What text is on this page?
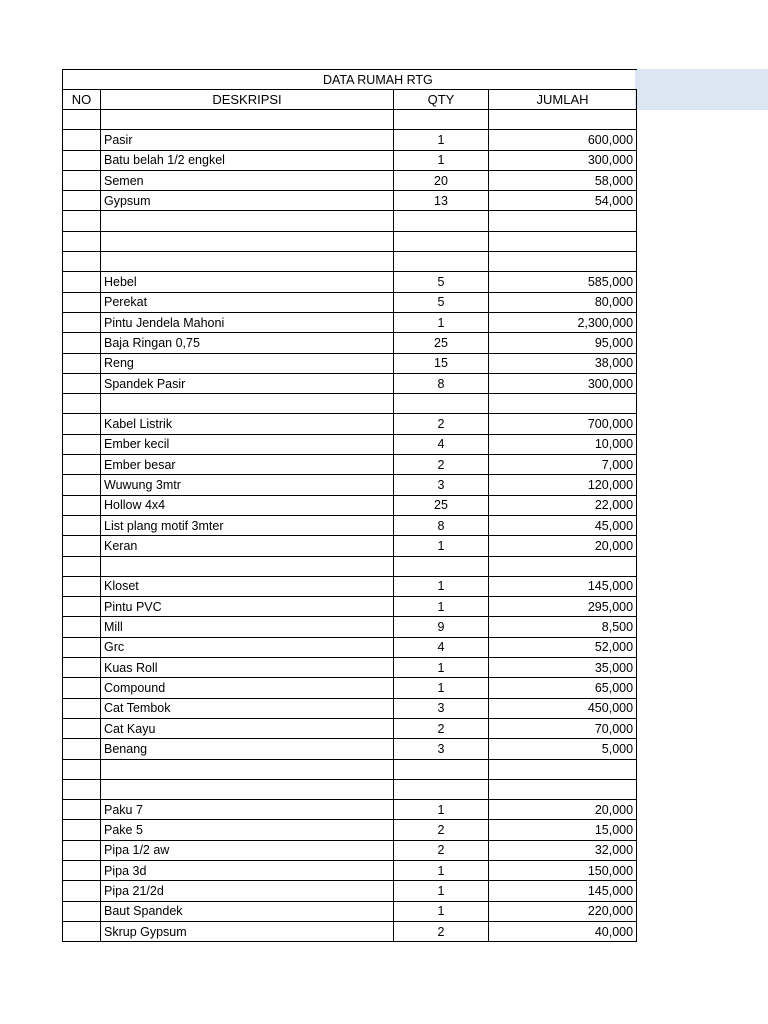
DATA RUMAH RTG			
NO	DESKRIPSI	QTY	JUMLAH

	Pasir	1	600,000
	Batu belah 1/2 engkel	1	300,000
	Semen	20	58,000
	Gypsum	13	54,000

	Hebel	5	585,000
	Perekat	5	80,000
	Pintu Jendela Mahoni	1	2,300,000
	Baja Ringan 0,75	25	95,000
	Reng	15	38,000
	Spandek Pasir	8	300,000

	Kabel Listrik	2	700,000
	Ember kecil	4	10,000
	Ember besar	2	7,000
	Wuwung 3mtr	3	120,000
	Hollow 4x4	25	22,000
	List plang motif 3mter	8	45,000
	Keran	1	20,000

	Kloset	1	145,000
	Pintu PVC	1	295,000
	Mill	9	8,500
	Grc	4	52,000
	Kuas Roll	1	35,000
	Compound	1	65,000
	Cat Tembok	3	450,000
	Cat Kayu	2	70,000
	Benang	3	5,000

	Paku 7	1	20,000
	Pake 5	2	15,000
	Pipa 1/2 aw	2	32,000
	Pipa 3d	1	150,000
	Pipa 21/2d	1	145,000
	Baut Spandek	1	220,000
	Skrup Gypsum	2	40,000
